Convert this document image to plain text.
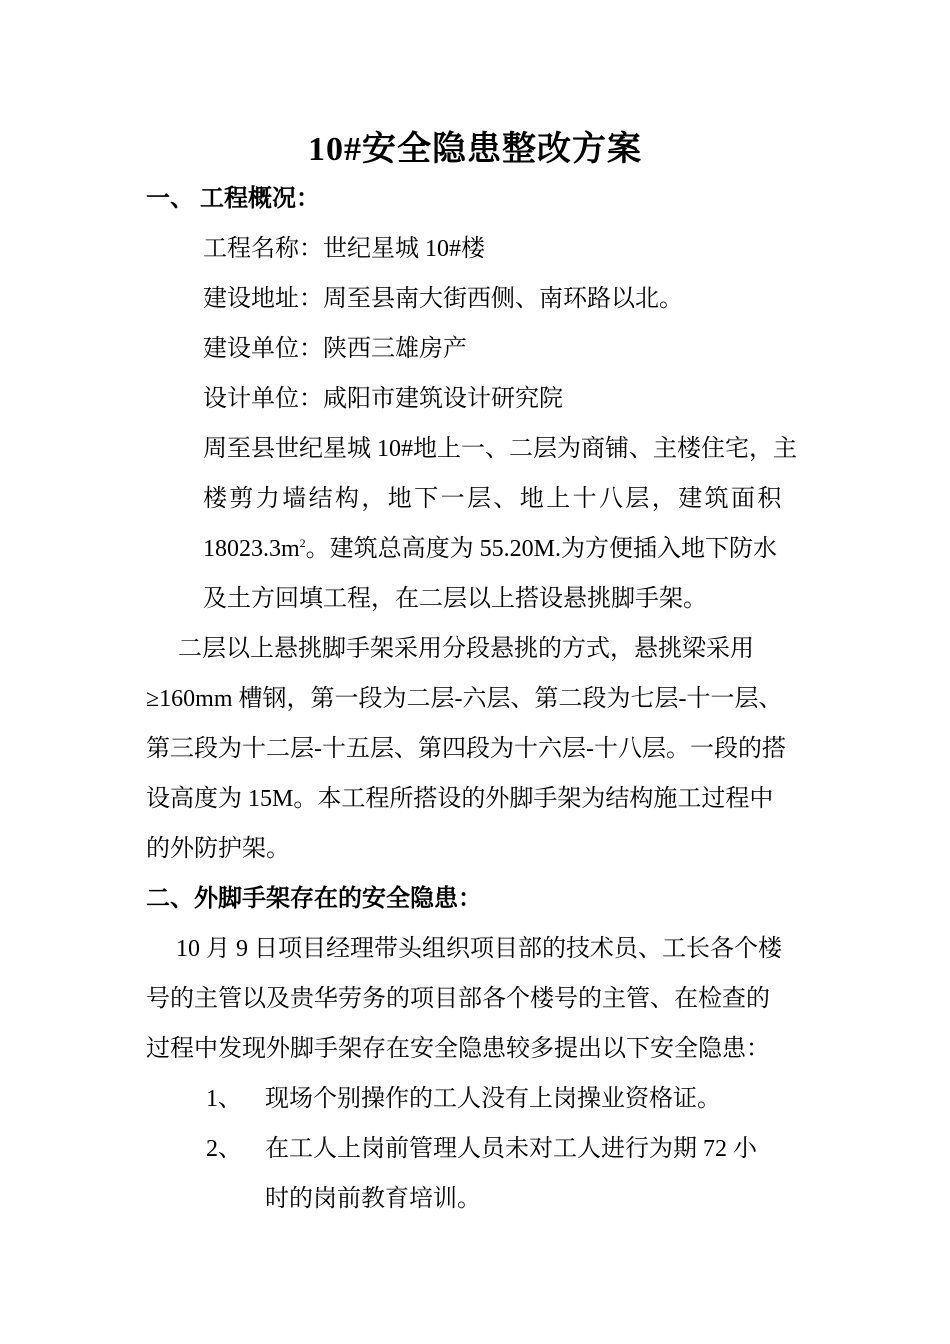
10#安全隐患整改方案
一、 工程概况：
工程名称：世纪星城 10#楼
建设地址：周至县南大街西侧、南环路以北。
建设单位：陕西三雄房产
设计单位：咸阳市建筑设计研究院
周至县世纪星城 10#地上一、二层为商铺、主楼住宅，主
楼剪力墙结构，地下一层、地上十八层，建筑面积
$18023.3m^2$。建筑总高度为 55.20M.为方便插入地下防水
及土方回填工程，在二层以上搭设悬挑脚手架。
二层以上悬挑脚手架采用分段悬挑的方式，悬挑梁采用
≥160mm 槽钢，第一段为二层-六层、第二段为七层-十一层、
第三段为十二层-十五层、第四段为十六层-十八层。一段的搭
设高度为 15M。本工程所搭设的外脚手架为结构施工过程中
的外防护架。
二、外脚手架存在的安全隐患：
10 月 9 日项目经理带头组织项目部的技术员、工长各个楼
号的主管以及贵华劳务的项目部各个楼号的主管、在检查的
过程中发现外脚手架存在安全隐患较多提出以下安全隐患：
1、 现场个别操作的工人没有上岗操业资格证。
2、 在工人上岗前管理人员未对工人进行为期 72 小
时的岗前教育培训。
